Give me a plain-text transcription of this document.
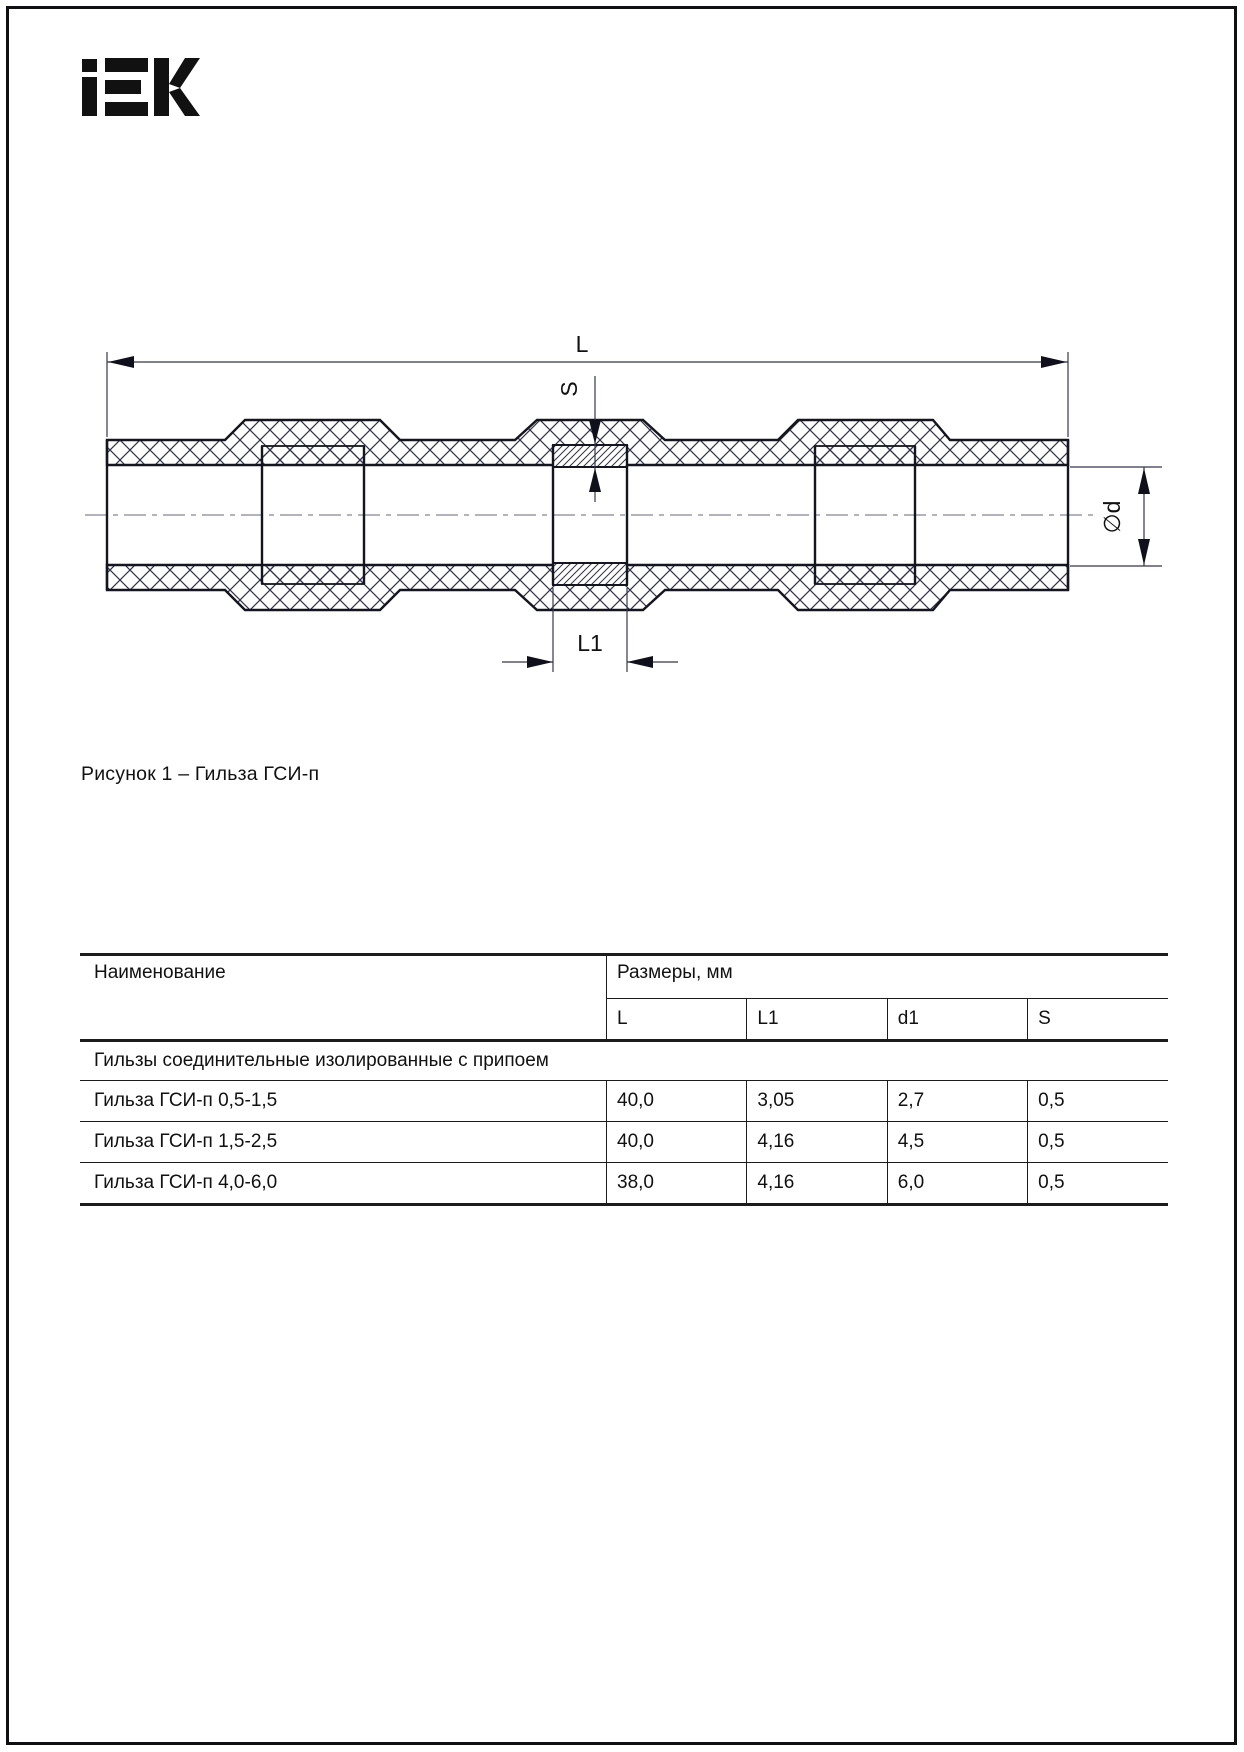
L
S
∅d
L1
Рисунок 1 – Гильза ГСИ-п
Наименование	Размеры, мм			
	L	L1	d1	S
Гильзы соединительные изолированные с припоем				
Гильза ГСИ-п 0,5-1,5	40,0	3,05	2,7	0,5
Гильза ГСИ-п 1,5-2,5	40,0	4,16	4,5	0,5
Гильза ГСИ-п 4,0-6,0	38,0	4,16	6,0	0,5
